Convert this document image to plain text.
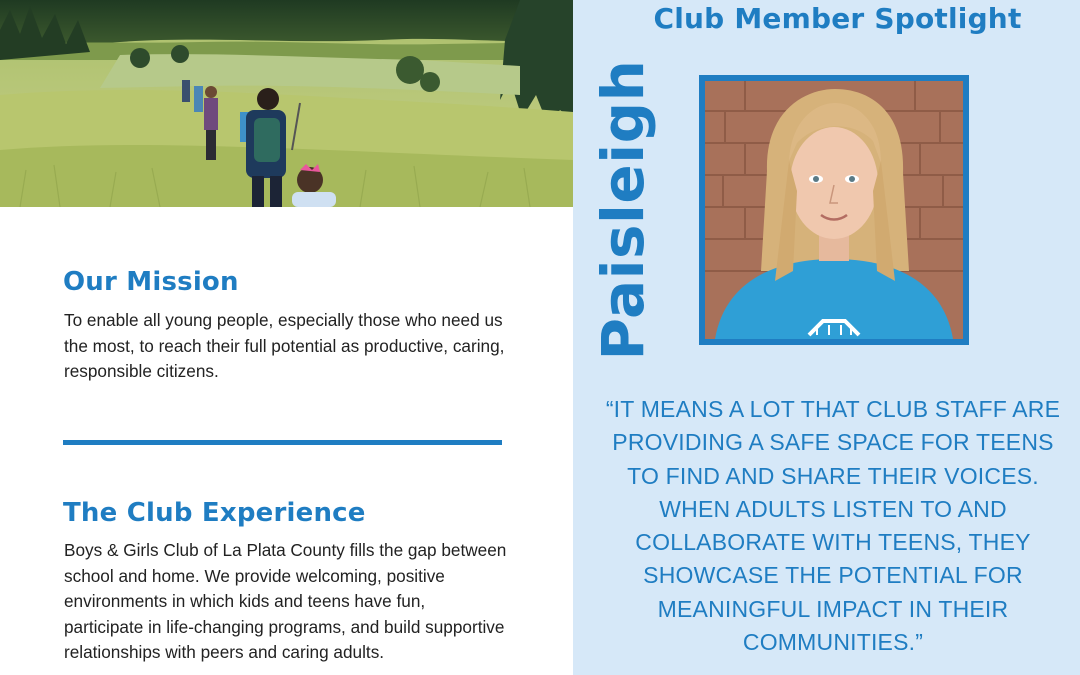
Our Mission

To enable all young people, especially those who need us the most, to reach their full potential as productive, caring, responsible citizens.

The Club Experience

Boys & Girls Club of La Plata County fills the gap between school and home. We provide welcoming, positive environments in which kids and teens have fun, participate in life-changing programs, and build supportive relationships with peers and caring adults.

Club Member Spotlight
Paisleigh

“IT MEANS A LOT THAT CLUB STAFF ARE PROVIDING A SAFE SPACE FOR TEENS TO FIND AND SHARE THEIR VOICES. WHEN ADULTS LISTEN TO AND COLLABORATE WITH TEENS, THEY SHOWCASE THE POTENTIAL FOR MEANINGFUL IMPACT IN THEIR COMMUNITIES.”
